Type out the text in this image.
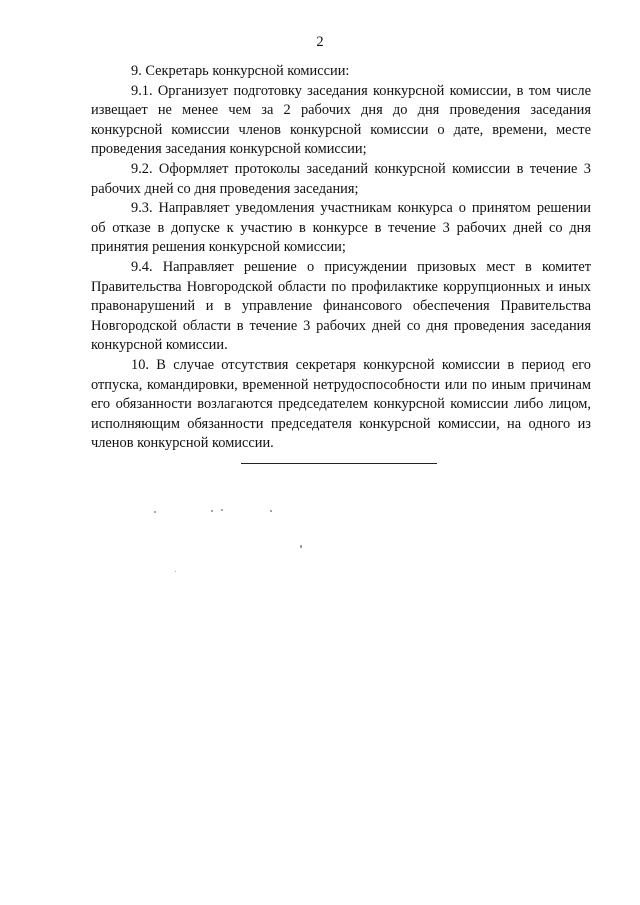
2

9. Секретарь конкурсной комиссии:

9.1. Организует подготовку заседания конкурсной комиссии, в том числе извещает не менее чем за 2 рабочих дня до дня проведения заседания конкурсной комиссии членов конкурсной комиссии о дате, времени, месте проведения заседания конкурсной комиссии;

9.2. Оформляет протоколы заседаний конкурсной комиссии в течение 3 рабочих дней со дня проведения заседания;

9.3. Направляет уведомления участникам конкурса о принятом решении об отказе в допуске к участию в конкурсе в течение 3 рабочих дней со дня принятия решения конкурсной комиссии;

9.4. Направляет решение о присуждении призовых мест в комитет Правительства Новгородской области по профилактике коррупционных и иных правонарушений и в управление финансового обеспечения Правительства Новгородской области в течение 3 рабочих дней со дня проведения заседания конкурсной комиссии.

10. В случае отсутствия секретаря конкурсной комиссии в период его отпуска, командировки, временной нетрудоспособности или по иным причинам его обязанности возлагаются председателем конкурсной комиссии либо лицом, исполняющим обязанности председателя конкурсной комиссии, на одного из членов конкурсной комиссии.
